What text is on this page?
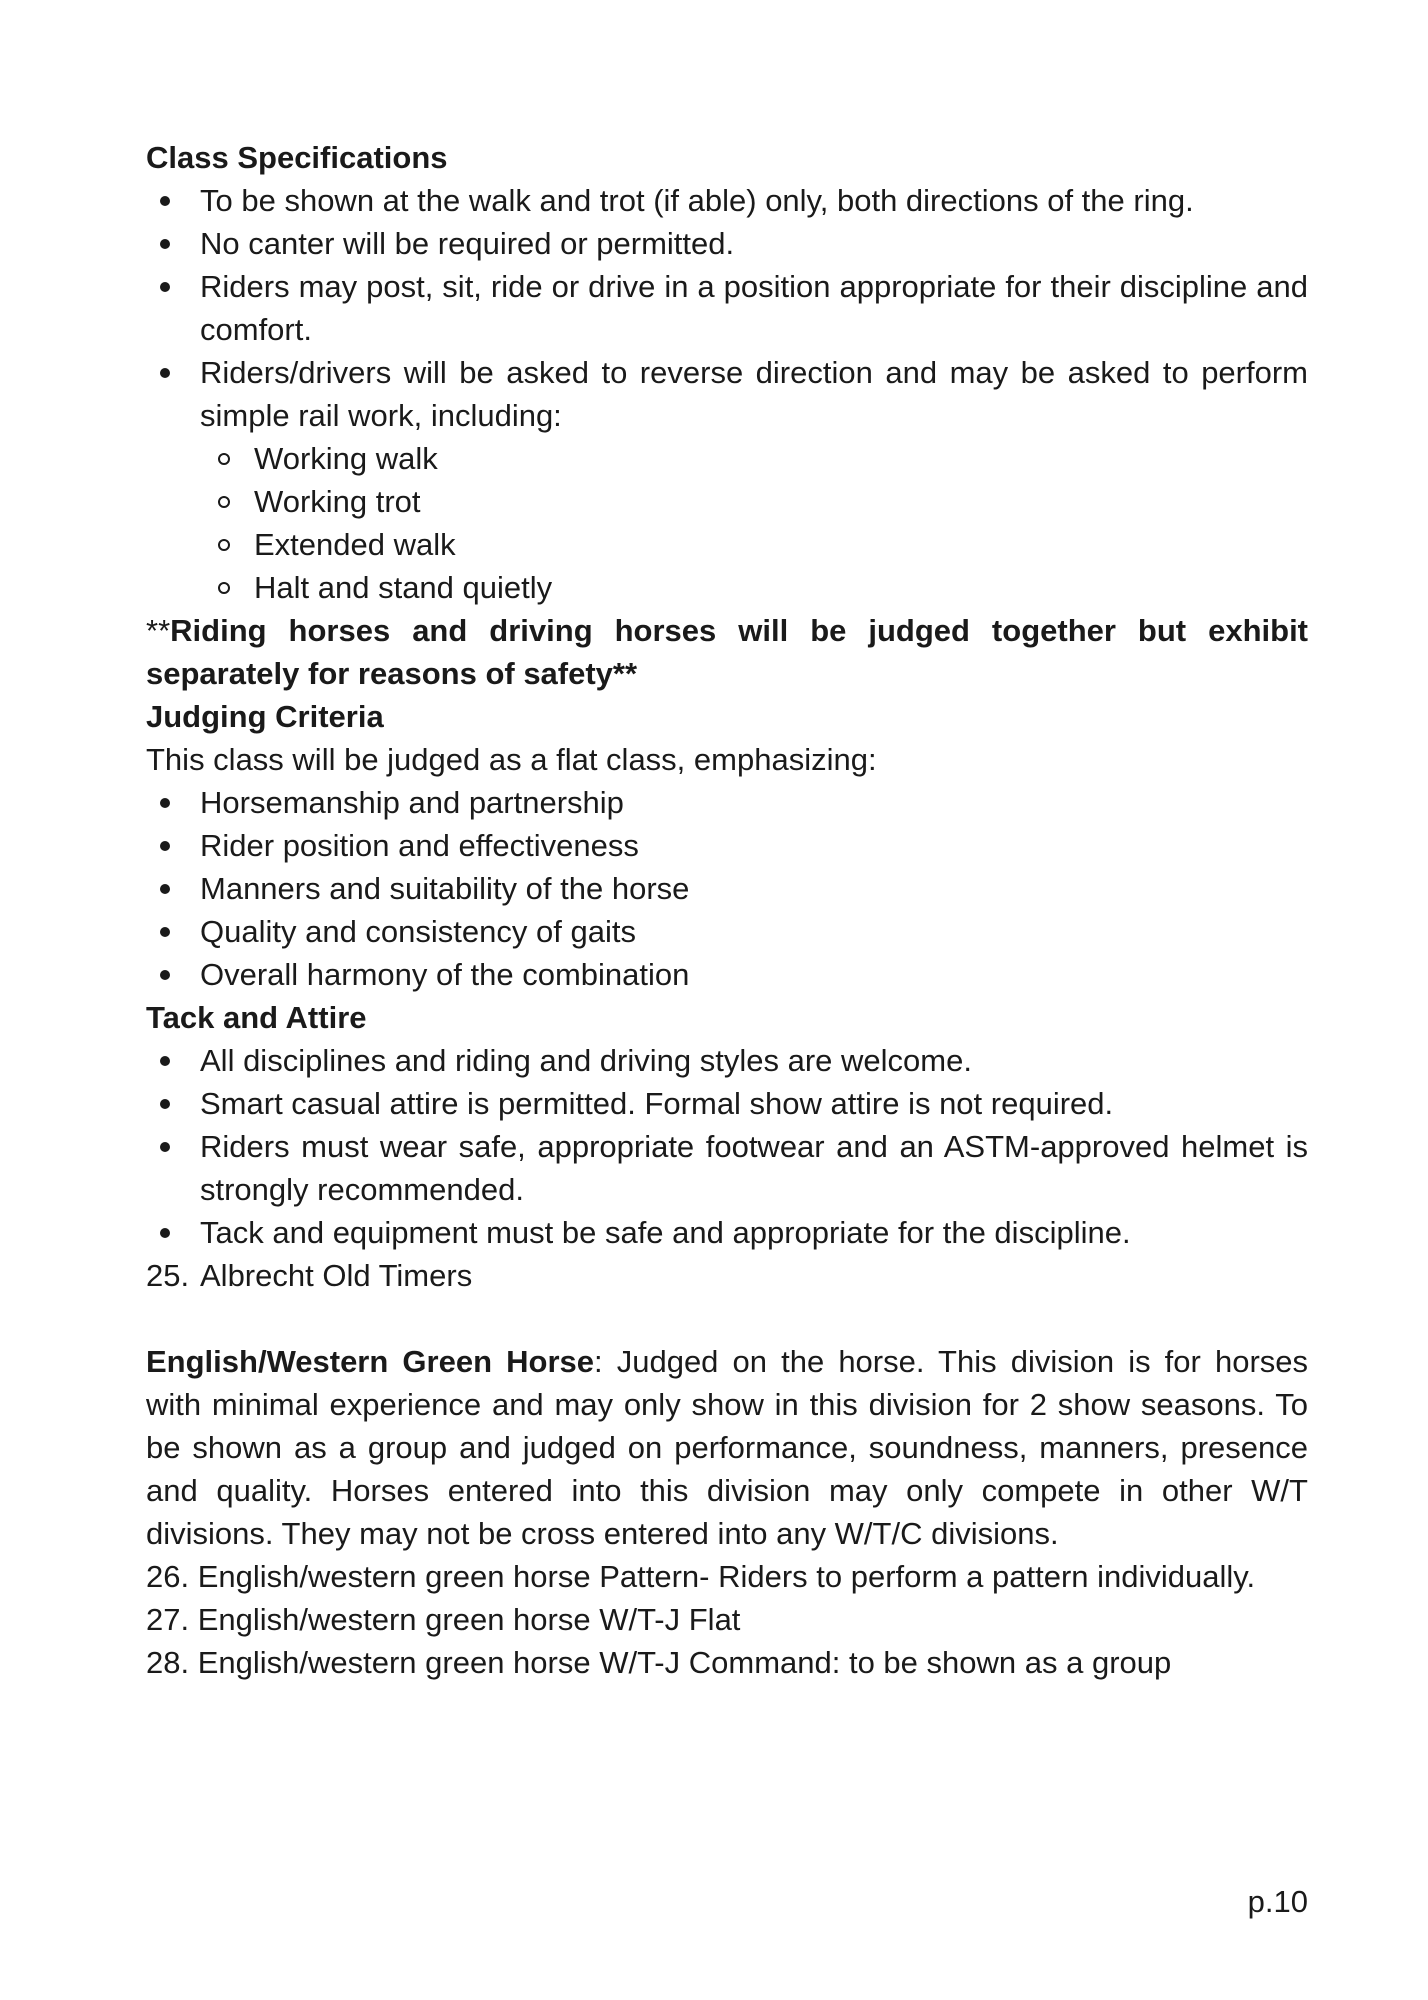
Class Specifications
To be shown at the walk and trot (if able) only, both directions of the ring.
No canter will be required or permitted.
Riders may post, sit, ride or drive in a position appropriate for their discipline and comfort.
Riders/drivers will be asked to reverse direction and may be asked to perform simple rail work, including:
Working walk
Working trot
Extended walk
Halt and stand quietly

**Riding horses and driving horses will be judged together but exhibit separately for reasons of safety**

Judging Criteria

This class will be judged as a flat class, emphasizing:

Horsemanship and partnership
Rider position and effectiveness
Manners and suitability of the horse
Quality and consistency of gaits
Overall harmony of the combination
Tack and Attire
All disciplines and riding and driving styles are welcome.
Smart casual attire is permitted. Formal show attire is not required.
Riders must wear safe, appropriate footwear and an ASTM-approved helmet is strongly recommended.
Tack and equipment must be safe and appropriate for the discipline.
25. Albrecht Old Timers

English/Western Green Horse: Judged on the horse. This division is for horses with minimal experience and may only show in this division for 2 show seasons. To be shown as a group and judged on performance, soundness, manners, presence and quality. Horses entered into this division may only compete in other W/T divisions. They may not be cross entered into any W/T/C divisions.

26. English/western green horse Pattern- Riders to perform a pattern individually.

27. English/western green horse W/T-J Flat

28. English/western green horse W/T-J Command: to be shown as a group

p.10
